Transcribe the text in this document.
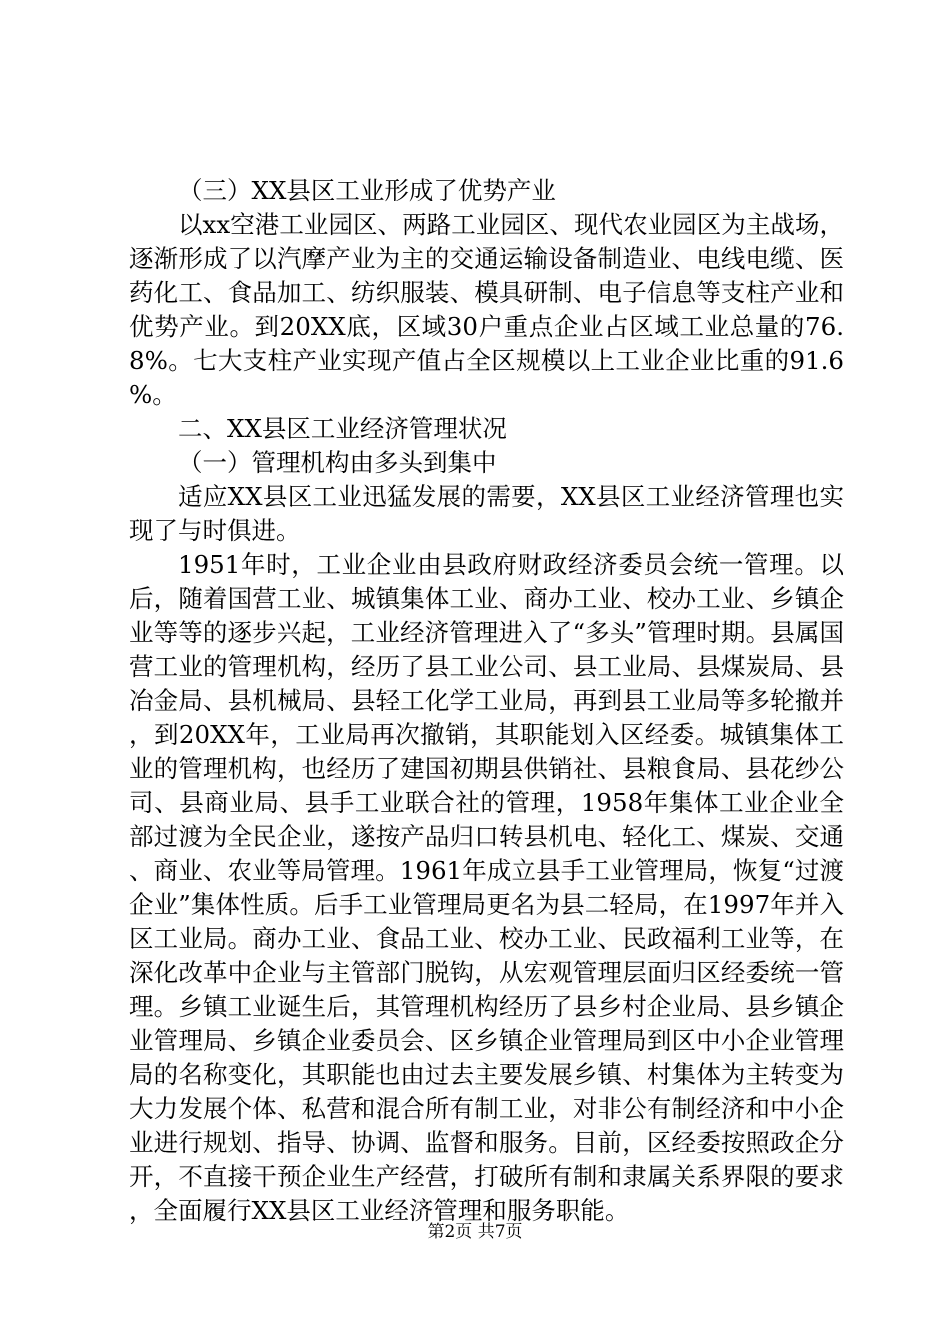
（三）XX县区工业形成了优势产业

以xx空港工业园区、两路工业园区、现代农业园区为主战场，逐渐形成了以汽摩产业为主的交通运输设备制造业、电线电缆、医药化工、食品加工、纺织服装、模具研制、电子信息等支柱产业和优势产业。到20XX底，区域30户重点企业占区域工业总量的76.8%。七大支柱产业实现产值占全区规模以上工业企业比重的91.6%。

二、XX县区工业经济管理状况

（一）管理机构由多头到集中

适应XX县区工业迅猛发展的需要，XX县区工业经济管理也实现了与时俱进。

1951年时，工业企业由县政府财政经济委员会统一管理。以后，随着国营工业、城镇集体工业、商办工业、校办工业、乡镇企业等等的逐步兴起，工业经济管理进入了“多头”管理时期。县属国营工业的管理机构，经历了县工业公司、县工业局、县煤炭局、县冶金局、县机械局、县轻工化学工业局，再到县工业局等多轮撤并，到20XX年，工业局再次撤销，其职能划入区经委。城镇集体工业的管理机构，也经历了建国初期县供销社、县粮食局、县花纱公司、县商业局、县手工业联合社的管理，1958年集体工业企业全部过渡为全民企业，遂按产品归口转县机电、轻化工、煤炭、交通、商业、农业等局管理。1961年成立县手工业管理局，恢复“过渡企业”集体性质。后手工业管理局更名为县二轻局，在1997年并入区工业局。商办工业、食品工业、校办工业、民政福利工业等，在深化改革中企业与主管部门脱钩，从宏观管理层面归区经委统一管理。乡镇工业诞生后，其管理机构经历了县乡村企业局、县乡镇企业管理局、乡镇企业委员会、区乡镇企业管理局到区中小企业管理局的名称变化，其职能也由过去主要发展乡镇、村集体为主转变为大力发展个体、私营和混合所有制工业，对非公有制经济和中小企业进行规划、指导、协调、监督和服务。目前，区经委按照政企分开，不直接干预企业生产经营，打破所有制和隶属关系界限的要求，全面履行XX县区工业经济管理和服务职能。

第2页 共7页
